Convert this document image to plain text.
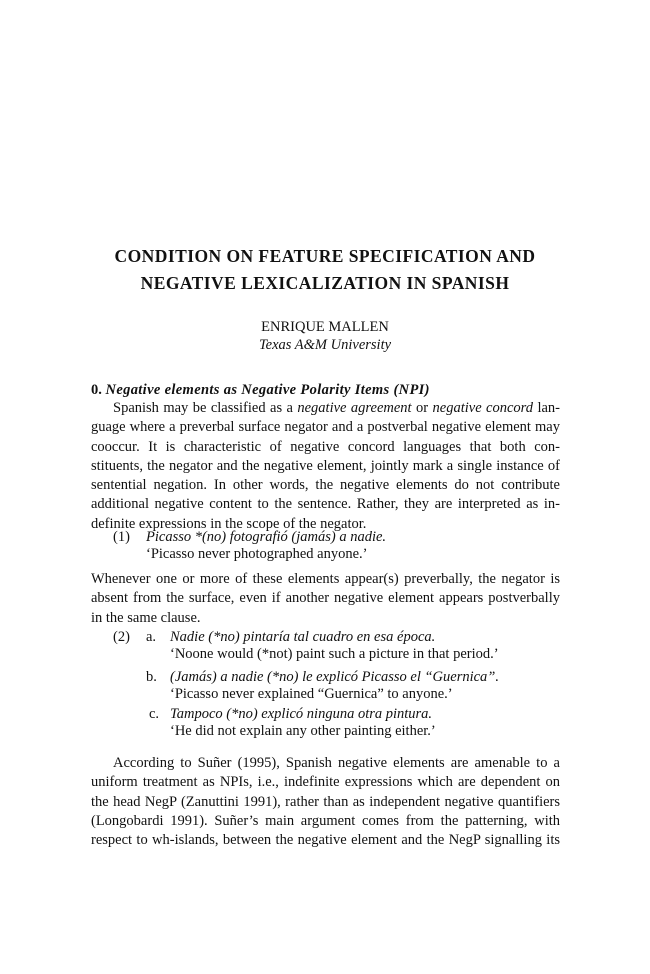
CONDITION ON FEATURE SPECIFICATION AND
NEGATIVE LEXICALIZATION IN SPANISH
ENRIQUE MALLEN
Texas A&M University
0. Negative elements as Negative Polarity Items (NPI)
Spanish may be classified as a negative agreement or negative concord lan-
guage where a preverbal surface negator and a postverbal negative element may
cooccur. It is characteristic of negative concord languages that both con-
stituents, the negator and the negative element, jointly mark a single instance of
sentential negation. In other words, the negative elements do not contribute
additional negative content to the sentence. Rather, they are interpreted as in-
definite expressions in the scope of the negator.
(1) Picasso *(no) fotografió (jamás) a nadie.
‘Picasso never photographed anyone.’
Whenever one or more of these elements appear(s) preverbally, the negator is
absent from the surface, even if another negative element appears postverbally
in the same clause.
(2) a. Nadie (*no) pintaría tal cuadro en esa época.
‘Noone would (*not) paint such a picture in that period.’
b. (Jamás) a nadie (*no) le explicó Picasso el “Guernica”.
‘Picasso never explained “Guernica” to anyone.’
c. Tampoco (*no) explicó ninguna otra pintura.
‘He did not explain any other painting either.’
According to Suñer (1995), Spanish negative elements are amenable to a
uniform treatment as NPIs, i.e., indefinite expressions which are dependent on
the head NegP (Zanuttini 1991), rather than as independent negative quantifiers
(Longobardi 1991). Suñer’s main argument comes from the patterning, with
respect to wh-islands, between the negative element and the NegP signalling its
